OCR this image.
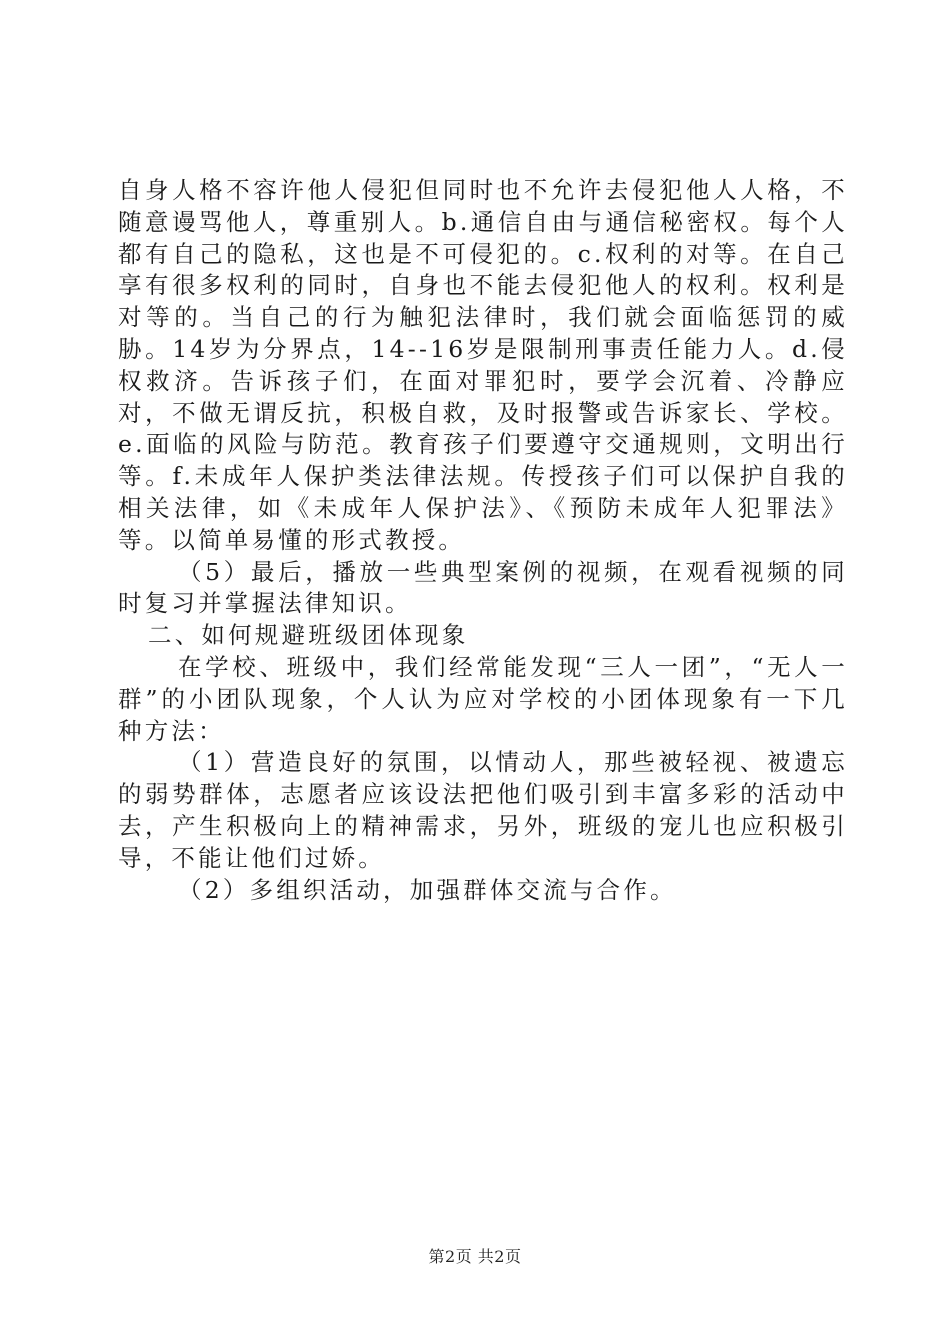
自身人格不容许他人侵犯但同时也不允许去侵犯他人人格，不随意谩骂他人，尊重别人。b.通信自由与通信秘密权。每个人都有自己的隐私，这也是不可侵犯的。c.权利的对等。在自己享有很多权利的同时，自身也不能去侵犯他人的权利。权利是对等的。当自己的行为触犯法律时，我们就会面临惩罚的威胁。14岁为分界点，14--16岁是限制刑事责任能力人。d.侵权救济。告诉孩子们，在面对罪犯时，要学会沉着、冷静应对，不做无谓反抗，积极自救，及时报警或告诉家长、学校。e.面临的风险与防范。教育孩子们要遵守交通规则，文明出行等。f.未成年人保护类法律法规。传授孩子们可以保护自我的相关法律，如《未成年人保护法》、《预防未成年人犯罪法》等。以简单易懂的形式教授。

（5）最后，播放一些典型案例的视频，在观看视频的同时复习并掌握法律知识。

二、如何规避班级团体现象

在学校、班级中，我们经常能发现“三人一团”，“无人一群”的小团队现象，个人认为应对学校的小团体现象有一下几种方法：

（1）营造良好的氛围，以情动人，那些被轻视、被遗忘的弱势群体，志愿者应该设法把他们吸引到丰富多彩的活动中去，产生积极向上的精神需求，另外，班级的宠儿也应积极引导，不能让他们过娇。

（2）多组织活动，加强群体交流与合作。

第2页 共2页
